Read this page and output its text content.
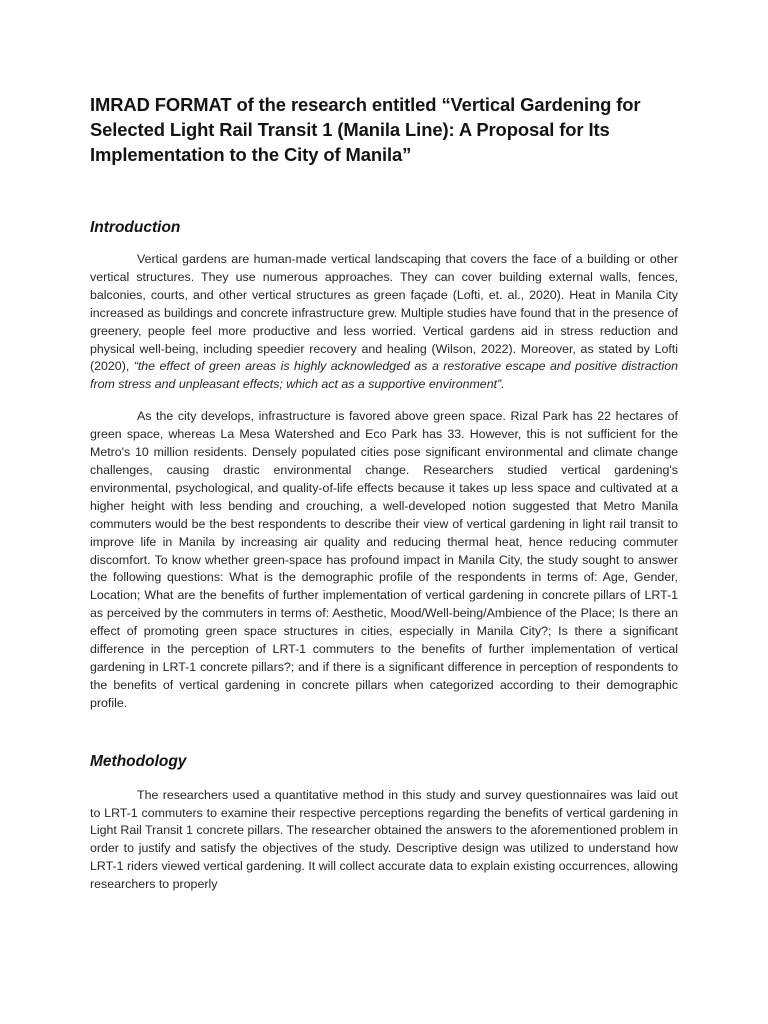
IMRAD FORMAT of the research entitled “Vertical Gardening for Selected Light Rail Transit 1 (Manila Line): A Proposal for Its Implementation to the City of Manila”
Introduction

Vertical gardens are human-made vertical landscaping that covers the face of a building or other vertical structures. They use numerous approaches. They can cover building external walls, fences, balconies, courts, and other vertical structures as green façade (Lofti, et. al., 2020). Heat in Manila City increased as buildings and concrete infrastructure grew. Multiple studies have found that in the presence of greenery, people feel more productive and less worried. Vertical gardens aid in stress reduction and physical well-being, including speedier recovery and healing (Wilson, 2022). Moreover, as stated by Lofti (2020), “the effect of green areas is highly acknowledged as a restorative escape and positive distraction from stress and unpleasant effects; which act as a supportive environment”.

As the city develops, infrastructure is favored above green space. Rizal Park has 22 hectares of green space, whereas La Mesa Watershed and Eco Park has 33. However, this is not sufficient for the Metro's 10 million residents. Densely populated cities pose significant environmental and climate change challenges, causing drastic environmental change. Researchers studied vertical gardening's environmental, psychological, and quality-of-life effects because it takes up less space and cultivated at a higher height with less bending and crouching, a well-developed notion suggested that Metro Manila commuters would be the best respondents to describe their view of vertical gardening in light rail transit to improve life in Manila by increasing air quality and reducing thermal heat, hence reducing commuter discomfort. To know whether green-space has profound impact in Manila City, the study sought to answer the following questions: What is the demographic profile of the respondents in terms of: Age, Gender, Location; What are the benefits of further implementation of vertical gardening in concrete pillars of LRT-1 as perceived by the commuters in terms of: Aesthetic, Mood/Well-being/Ambience of the Place; Is there an effect of promoting green space structures in cities, especially in Manila City?; Is there a significant difference in the perception of LRT-1 commuters to the benefits of further implementation of vertical gardening in LRT-1 concrete pillars?; and if there is a significant difference in perception of respondents to the benefits of vertical gardening in concrete pillars when categorized according to their demographic profile.

Methodology

The researchers used a quantitative method in this study and survey questionnaires was laid out to LRT-1 commuters to examine their respective perceptions regarding the benefits of vertical gardening in Light Rail Transit 1 concrete pillars. The researcher obtained the answers to the aforementioned problem in order to justify and satisfy the objectives of the study. Descriptive design was utilized to understand how LRT-1 riders viewed vertical gardening. It will collect accurate data to explain existing occurrences, allowing researchers to properly
